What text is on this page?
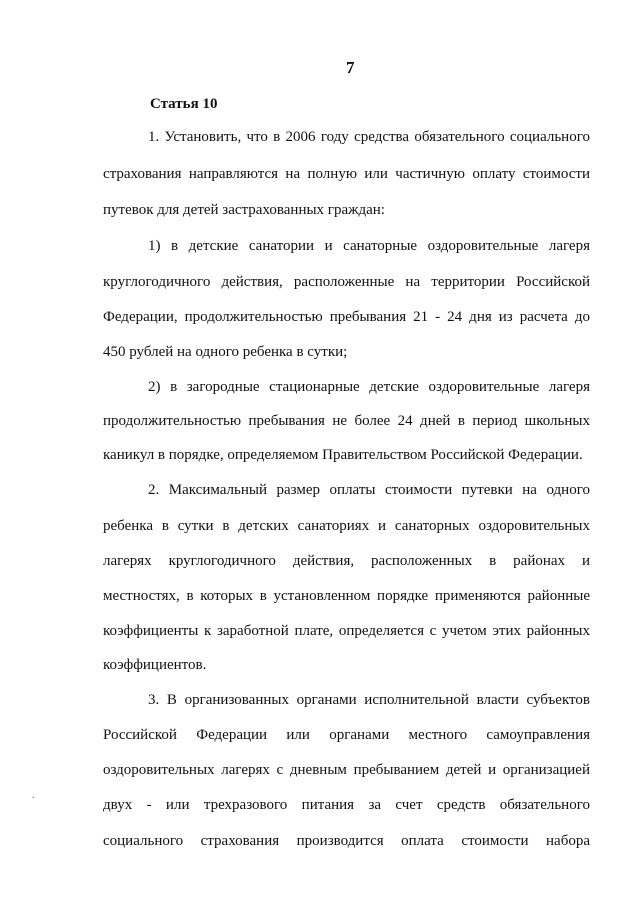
7
Статья 10
1. Установить, что в 2006 году средства обязательного социального
страхования направляются на полную или частичную оплату стоимости
путевок для детей застрахованных граждан:
1) в детские санатории и санаторные оздоровительные лагеря
круглогодичного действия, расположенные на территории Российской
Федерации, продолжительностью пребывания 21 - 24 дня из расчета до
450 рублей на одного ребенка в сутки;
2) в загородные стационарные детские оздоровительные лагеря
продолжительностью пребывания не более 24 дней в период школьных
каникул в порядке, определяемом Правительством Российской Федерации.
2. Максимальный размер оплаты стоимости путевки на одного
ребенка в сутки в детских санаториях и санаторных оздоровительных
лагерях круглогодичного действия, расположенных в районах и
местностях, в которых в установленном порядке применяются районные
коэффициенты к заработной плате, определяется с учетом этих районных
коэффициентов.
3. В организованных органами исполнительной власти субъектов
Российской Федерации или органами местного самоуправления
оздоровительных лагерях с дневным пребыванием детей и организацией
двух - или трехразового питания за счет средств обязательного
социального страхования производится оплата стоимости набора
.
